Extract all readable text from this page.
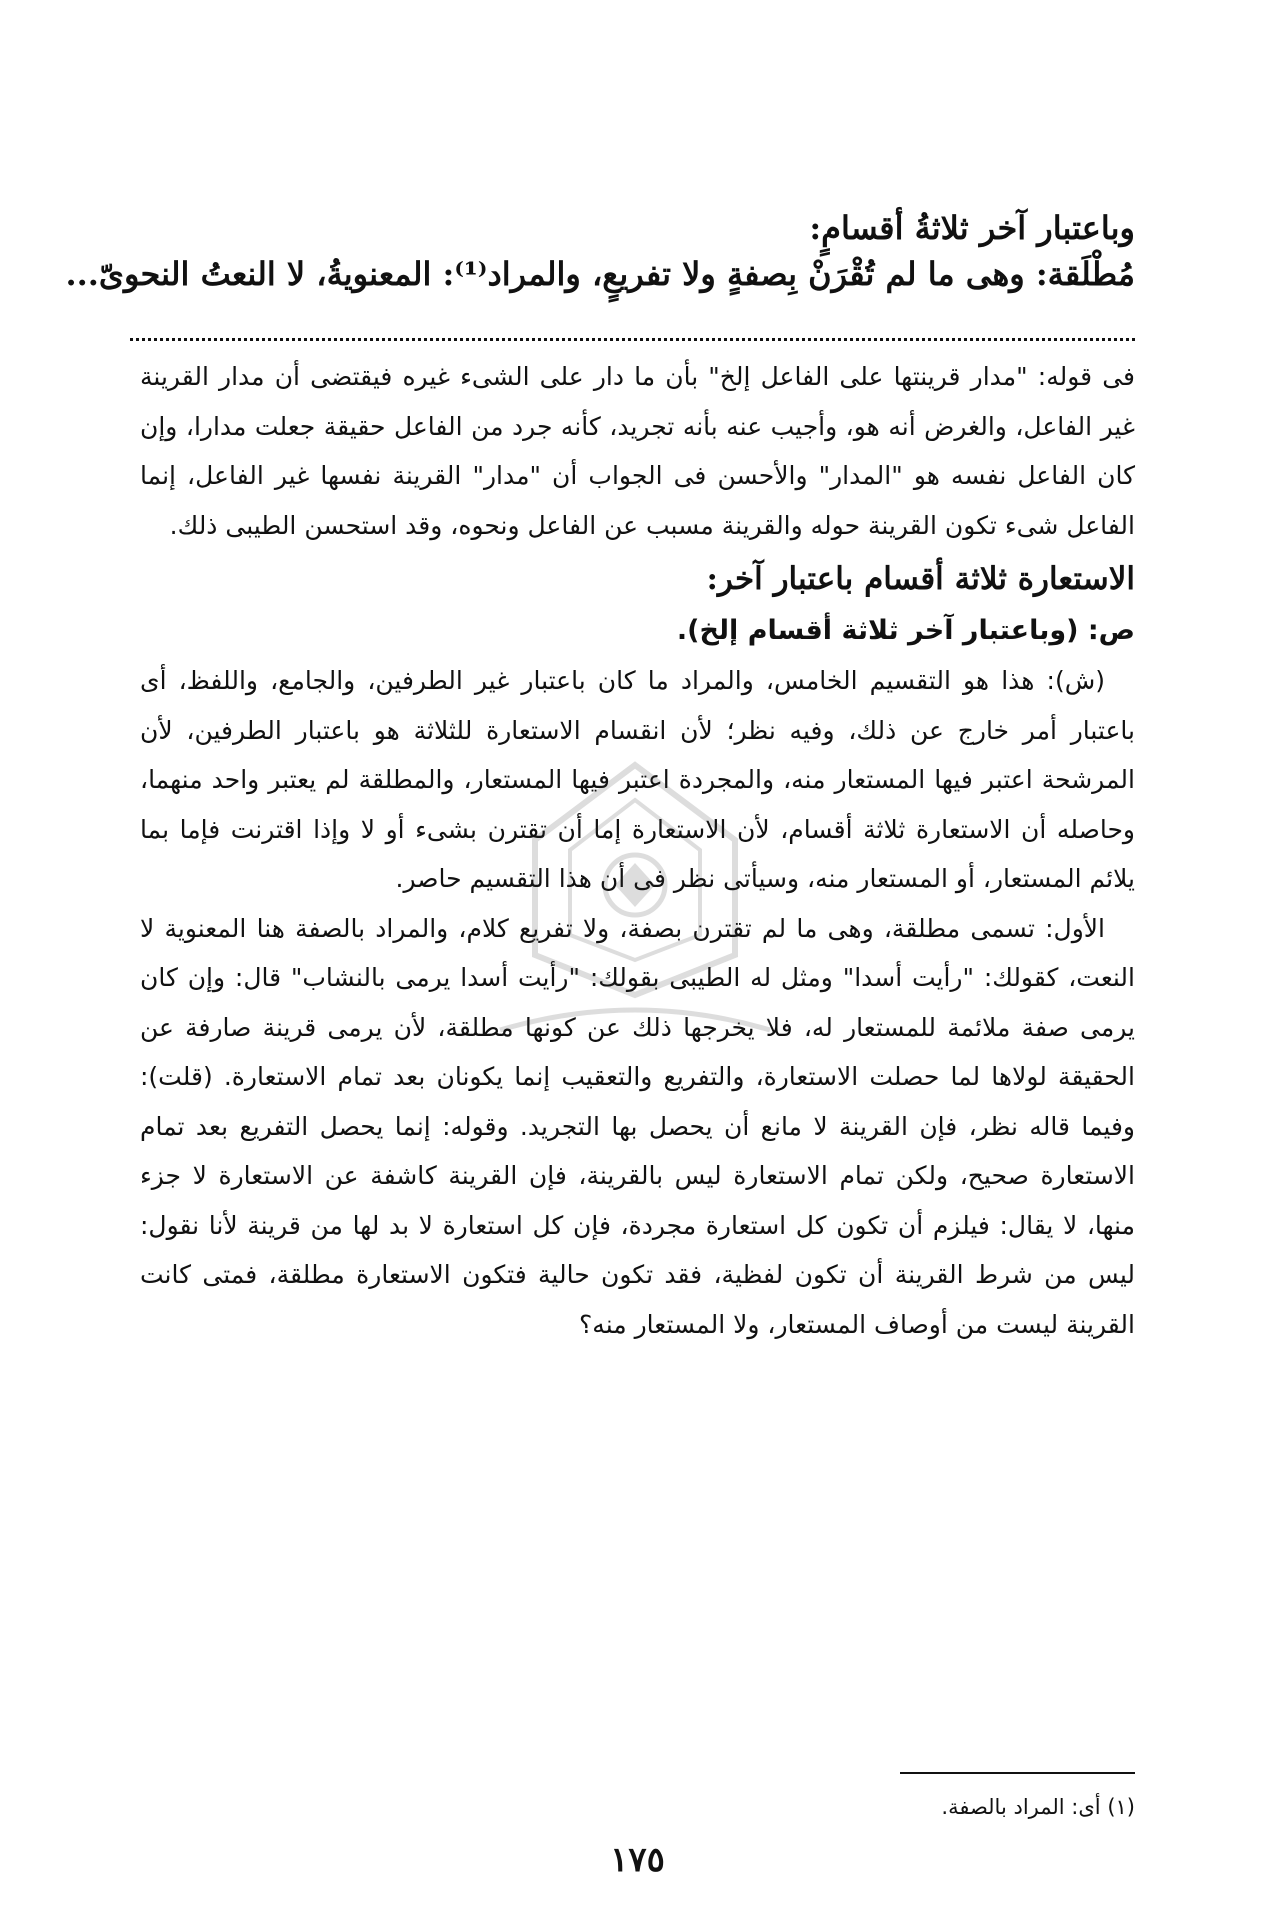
وباعتبار آخر ثلاثةُ أقسامٍ:
مُطْلَقة: وهى ما لم تُقْرَنْ بِصفةٍ ولا تفريعٍ، والمراد⁽¹⁾: المعنويةُ، لا النعتُ النحوىّ...

فى قوله: "مدار قرينتها على الفاعل إلخ" بأن ما دار على الشىء غيره فيقتضى أن مدار القرينة غير الفاعل، والغرض أنه هو، وأجيب عنه بأنه تجريد، كأنه جرد من الفاعل حقيقة جعلت مدارا، وإن كان الفاعل نفسه هو "المدار" والأحسن فى الجواب أن "مدار" القرينة نفسها غير الفاعل، إنما الفاعل شىء تكون القرينة حوله والقرينة مسبب عن الفاعل ونحوه، وقد استحسن الطيبى ذلك.

الاستعارة ثلاثة أقسام باعتبار آخر:
ص: (وباعتبار آخر ثلاثة أقسام إلخ).

(ش): هذا هو التقسيم الخامس، والمراد ما كان باعتبار غير الطرفين، والجامع، واللفظ، أى باعتبار أمر خارج عن ذلك، وفيه نظر؛ لأن انقسام الاستعارة للثلاثة هو باعتبار الطرفين، لأن المرشحة اعتبر فيها المستعار منه، والمجردة اعتبر فيها المستعار، والمطلقة لم يعتبر واحد منهما، وحاصله أن الاستعارة ثلاثة أقسام، لأن الاستعارة إما أن تقترن بشىء أو لا وإذا اقترنت فإما بما يلائم المستعار، أو المستعار منه، وسيأتى نظر فى أن هذا التقسيم حاصر.

الأول: تسمى مطلقة، وهى ما لم تقترن بصفة، ولا تفريع كلام، والمراد بالصفة هنا المعنوية لا النعت، كقولك: "رأيت أسدا" ومثل له الطيبى بقولك: "رأيت أسدا يرمى بالنشاب" قال: وإن كان يرمى صفة ملائمة للمستعار له، فلا يخرجها ذلك عن كونها مطلقة، لأن يرمى قرينة صارفة عن الحقيقة لولاها لما حصلت الاستعارة، والتفريع والتعقيب إنما يكونان بعد تمام الاستعارة. (قلت): وفيما قاله نظر، فإن القرينة لا مانع أن يحصل بها التجريد. وقوله: إنما يحصل التفريع بعد تمام الاستعارة صحيح، ولكن تمام الاستعارة ليس بالقرينة، فإن القرينة كاشفة عن الاستعارة لا جزء منها، لا يقال: فيلزم أن تكون كل استعارة مجردة، فإن كل استعارة لا بد لها من قرينة لأنا نقول: ليس من شرط القرينة أن تكون لفظية، فقد تكون حالية فتكون الاستعارة مطلقة، فمتى كانت القرينة ليست من أوصاف المستعار، ولا المستعار منه؟

(١) أى: المراد بالصفة.
١٧٥
